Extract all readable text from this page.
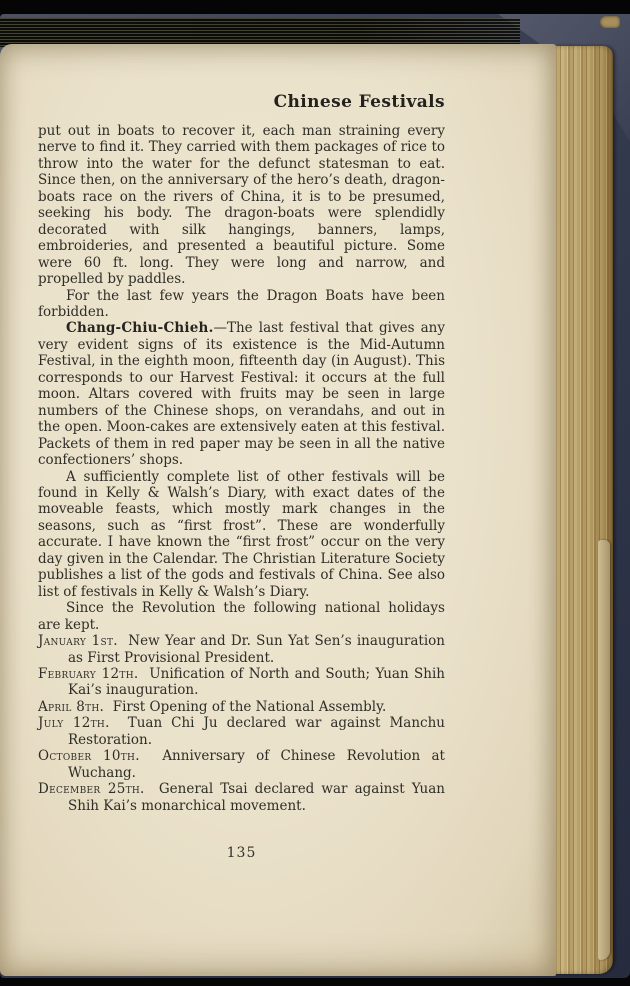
Chinese Festivals

put out in boats to recover it, each man straining every nerve to find it. They carried with them packages of rice to throw into the water for the defunct statesman to eat. Since then, on the anniversary of the hero’s death, dragon-boats race on the rivers of China, it is to be presumed, seeking his body. The dragon-boats were splendidly decorated with silk hangings, banners, lamps, embroideries, and presented a beautiful picture. Some were 60 ft. long. They were long and narrow, and propelled by paddles.

For the last few years the Dragon Boats have been forbidden.

Chang-Chiu-Chieh.—The last festival that gives any very evident signs of its existence is the Mid-Autumn Festival, in the eighth moon, fifteenth day (in August). This corresponds to our Harvest Festival: it occurs at the full moon. Altars covered with fruits may be seen in large numbers of the Chinese shops, on verandahs, and out in the open. Moon-cakes are extensively eaten at this festival. Packets of them in red paper may be seen in all the native confectioners’ shops.

A sufficiently complete list of other festivals will be found in Kelly & Walsh’s Diary, with exact dates of the moveable feasts, which mostly mark changes in the seasons, such as “first frost”. These are wonderfully accurate. I have known the “first frost” occur on the very day given in the Calendar. The Christian Literature Society publishes a list of the gods and festivals of China. See also list of festivals in Kelly & Walsh’s Diary.

Since the Revolution the following national holidays are kept.

January 1st. New Year and Dr. Sun Yat Sen’s inauguration as First Provisional President.

February 12th. Unification of North and South; Yuan Shih Kai’s inauguration.

April 8th. First Opening of the National Assembly.

July 12th. Tuan Chi Ju declared war against Manchu Restoration.

October 10th. Anniversary of Chinese Revolution at Wuchang.

December 25th. General Tsai declared war against Yuan Shih Kai’s monarchical movement.

135
